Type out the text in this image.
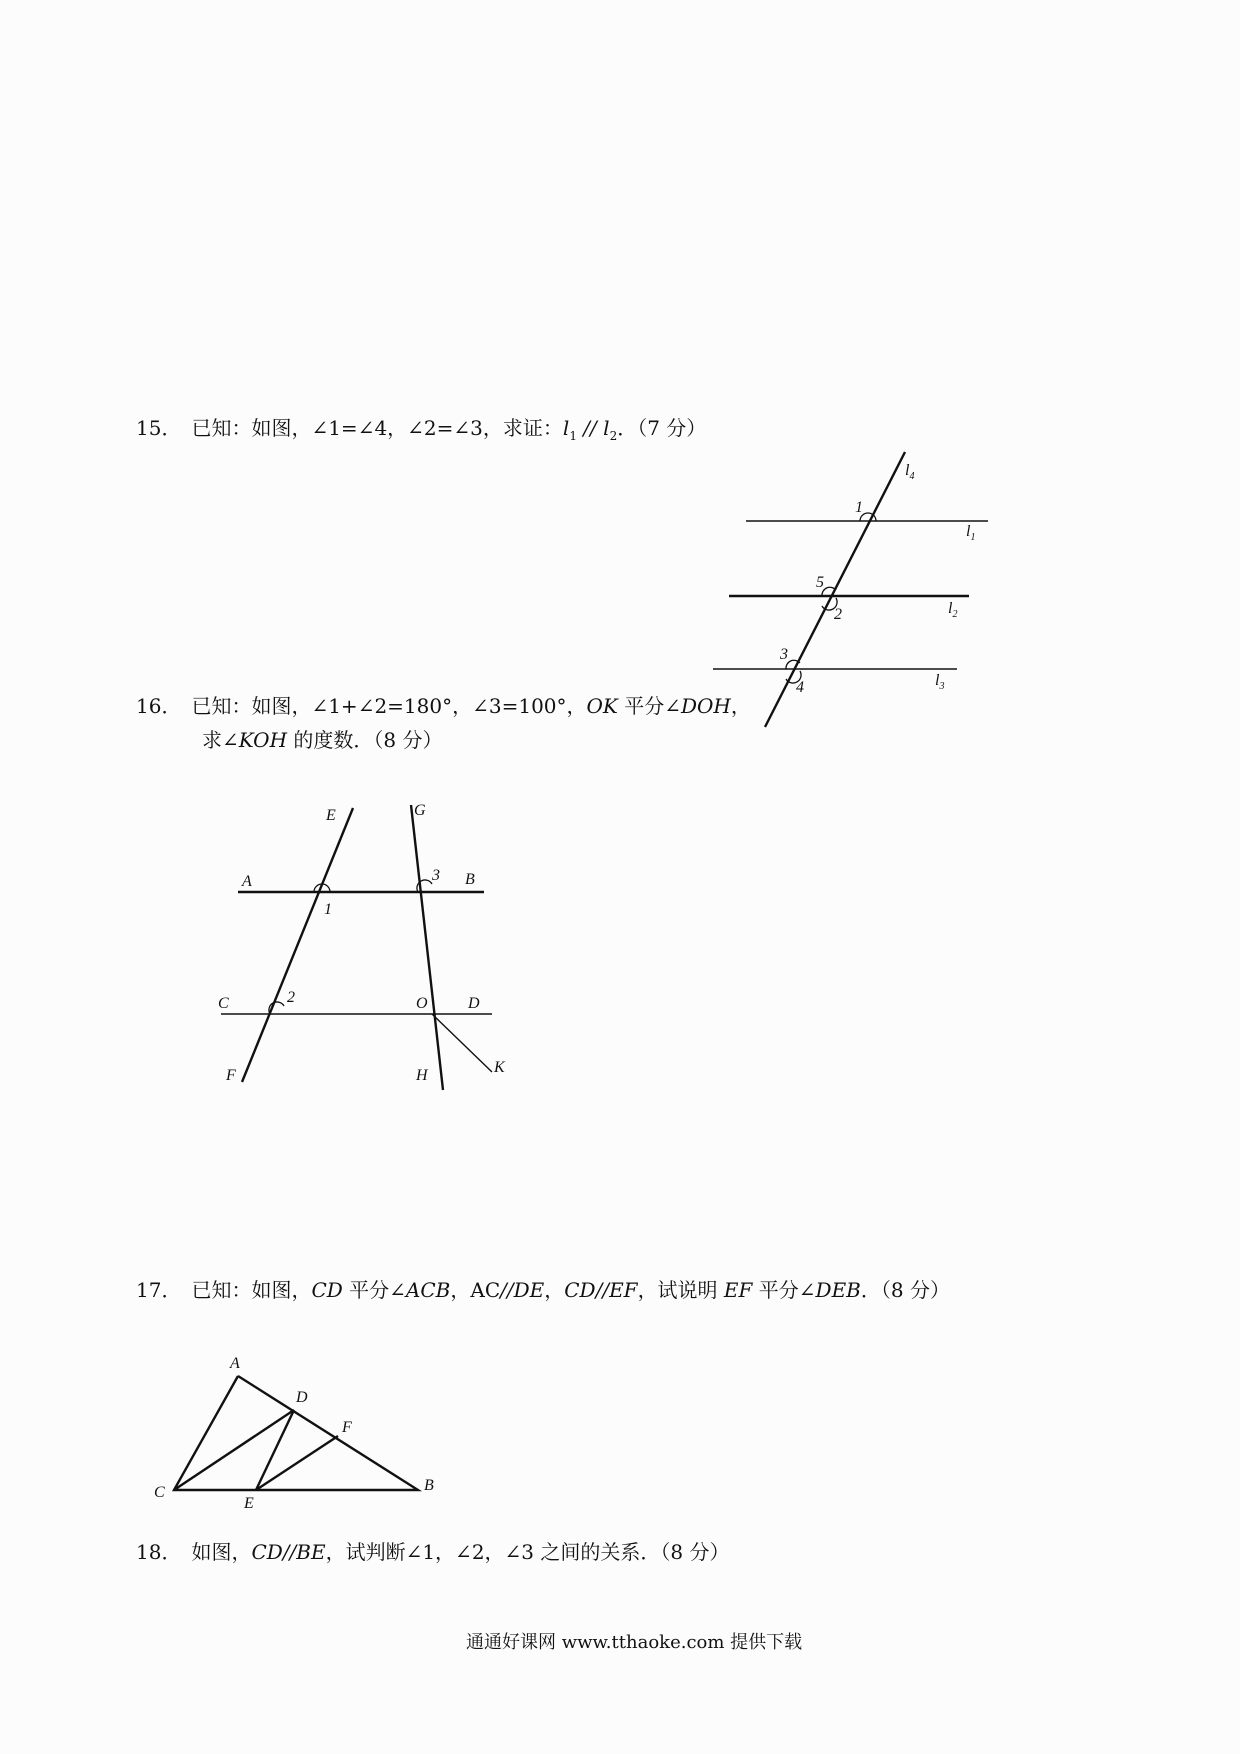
15． 已知：如图，∠1=∠4，∠2=∠3，求证：$l_1 // l_2$．（7 分）
16． 已知：如图，∠1+∠2=180°，∠3=100°，OK 平分∠DOH，
求∠KOH 的度数．（8 分）
17． 已知：如图，CD 平分∠ACB，AC//DE，CD//EF，试说明 EF 平分∠DEB．（8 分）
18． 如图，CD//BE，试判断∠1，∠2，∠3 之间的关系．（8 分）
$l_4$
$l_1$
$l_2$
$l_3$
1
5
2
3
4
E	G
A	B
3
1
C	2	O	D
F	H	K
A
D
F
C
E
B
通通好课网 www.tthaoke.com 提供下载
